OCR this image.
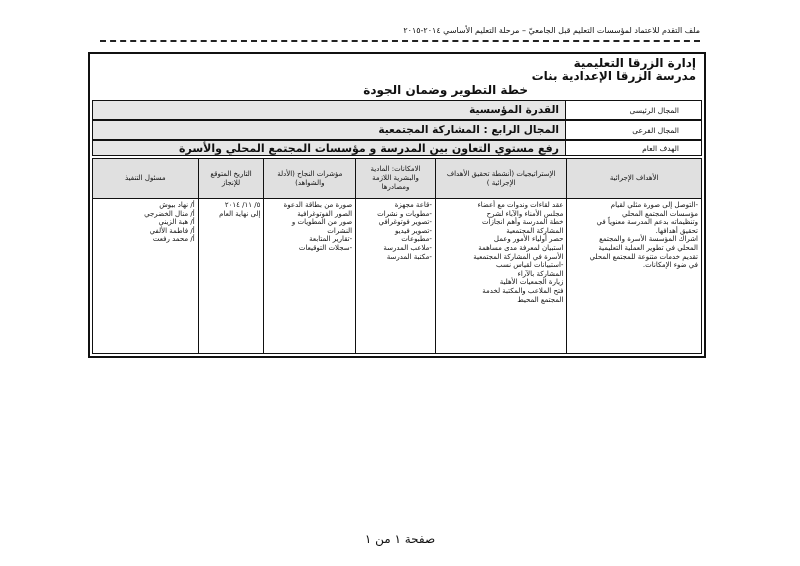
ملف التقدم للاعتماد لمؤسسات التعليم قبل الجامعيّ – مرحلة التعليم الأساسي ٢٠١٤-٢٠١٥
إدارة الزرقا التعليمية
مدرسة الزرقا الإعدادية بنات
خطة التطوير وضمان الجودة
المجال الرئيسى
القدرة المؤسسية
المجال الفرعى
المجال الرابع : المشاركة المجتمعية
الهدف العام
رفع مستوي التعاون بين المدرسة و مؤسسات المجتمع المحلي والأسرة
الأهداف الإجرائية
-التوصل إلى صورة مثلي لقيام
مؤسسات المجتمع المحلي
وتنظيماته بدعم المدرسة معنوياً في
تحقيق أهدافها.
اشراك المؤسسة الأسرة والمجتمع
المحلي في تطوير العملية التعليمية
تقديم خدمات متنوعة للمجتمع المحلي
في ضوء الإمكانات.
الإستراتيجيات (أنشطة تحقيق الأهداف الإجرائية )
عقد لقاءات وندوات مع أعضاء
مجلس الأمناء والآباء لشرح
خطة المدرسة وأهم انجازات
المشاركة المجتمعية
حصر أولياء الأمور وعمل
استبيان لمعرفة مدى مساهمة
الأسرة في المشاركة المجتمعية
-استبيانات لقياس نسب
المشاركة بالآراء
زيارة الجمعيات الأهلية
فتح الملاعب والمكتبة لخدمة
المجتمع المحيط
الامكانات: المادية والبشرية اللازمة ومصادرها
-قاعة مجهزة
-مطويات و نشرات
-تصوير فوتوغرافي
-تصوير فيديو
-مطبوعات
-ملاعب المدرسة
-مكتبة المدرسة
مؤشرات النجاح (الأدلة والشواهد)
صورة من بطاقة الدعوة
الصور الفوتوغرافية
صور من المطويات و
النشرات
-تقارير المتابعة
-سجلات التوقيعات
التاريخ المتوقع للإنجاز
٥/ ١١/ ٢٠١٤
إلى نهاية العام
مسئول التنفيذ
أ/ نهاد بيوش
أ/ منال الخضرجي
أ/ هبة الزيني
أ/ فاطمة الألفي
أ/ محمد رفعت
صفحة ١ من ١
